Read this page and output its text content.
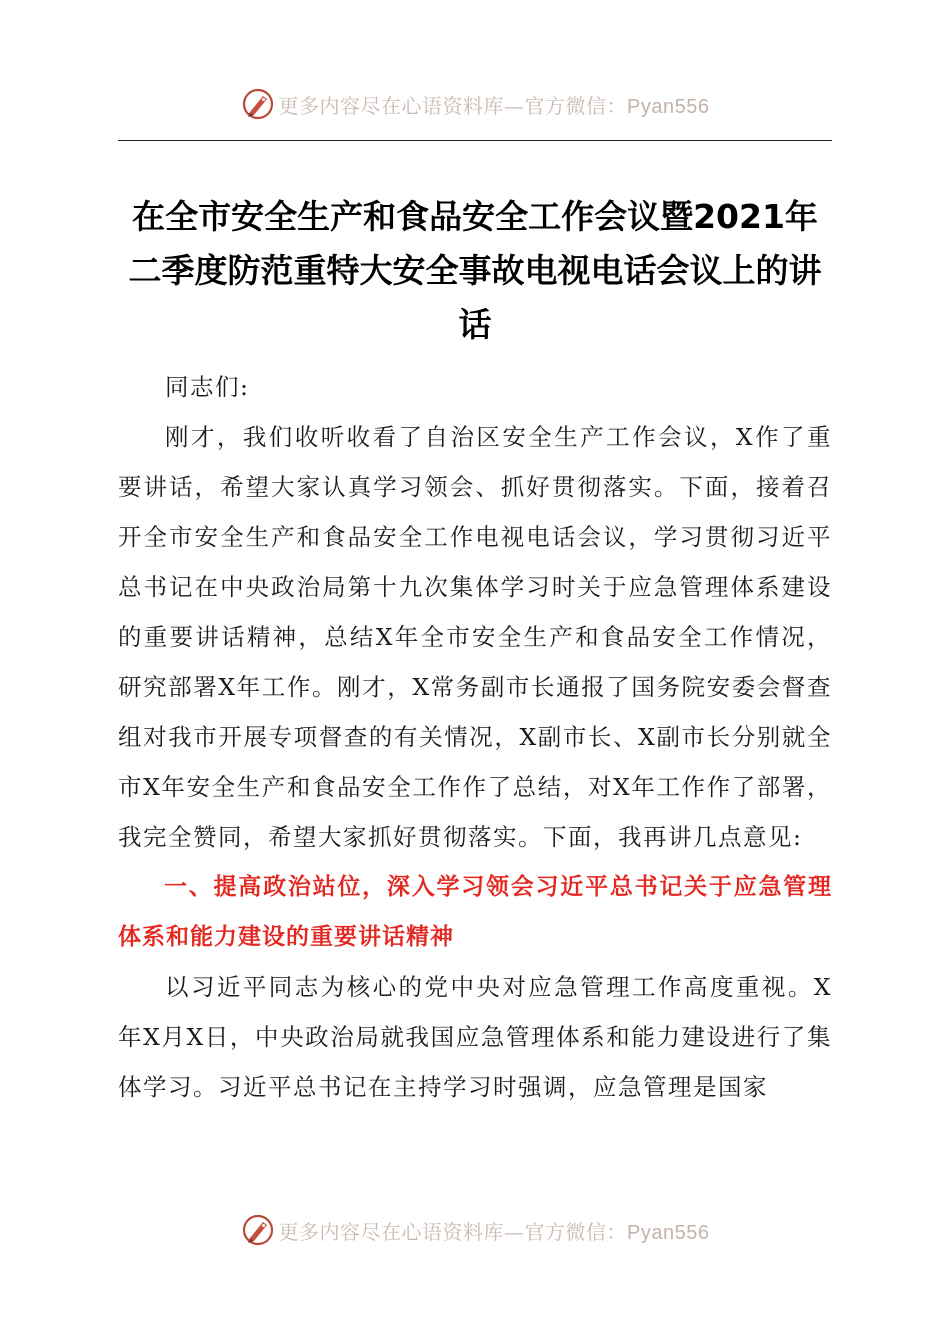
更多内容尽在心语资料库—官方微信：Pyan556
在全市安全生产和食品安全工作会议暨2021年二季度防范重特大安全事故电视电话会议上的讲话

同志们:

刚才，我们收听收看了自治区安全生产工作会议，X作了重要讲话，希望大家认真学习领会、抓好贯彻落实。下面，接着召开全市安全生产和食品安全工作电视电话会议，学习贯彻习近平总书记在中央政治局第十九次集体学习时关于应急管理体系建设的重要讲话精神，总结X年全市安全生产和食品安全工作情况，研究部署X年工作。刚才，X常务副市长通报了国务院安委会督查组对我市开展专项督查的有关情况，X副市长、X副市长分别就全市X年安全生产和食品安全工作作了总结，对X年工作作了部署，我完全赞同，希望大家抓好贯彻落实。下面，我再讲几点意见:

一、提高政治站位，深入学习领会习近平总书记关于应急管理体系和能力建设的重要讲话精神

以习近平同志为核心的党中央对应急管理工作高度重视。X年X月X日，中央政治局就我国应急管理体系和能力建设进行了集体学习。习近平总书记在主持学习时强调，应急管理是国家

更多内容尽在心语资料库—官方微信：Pyan556
